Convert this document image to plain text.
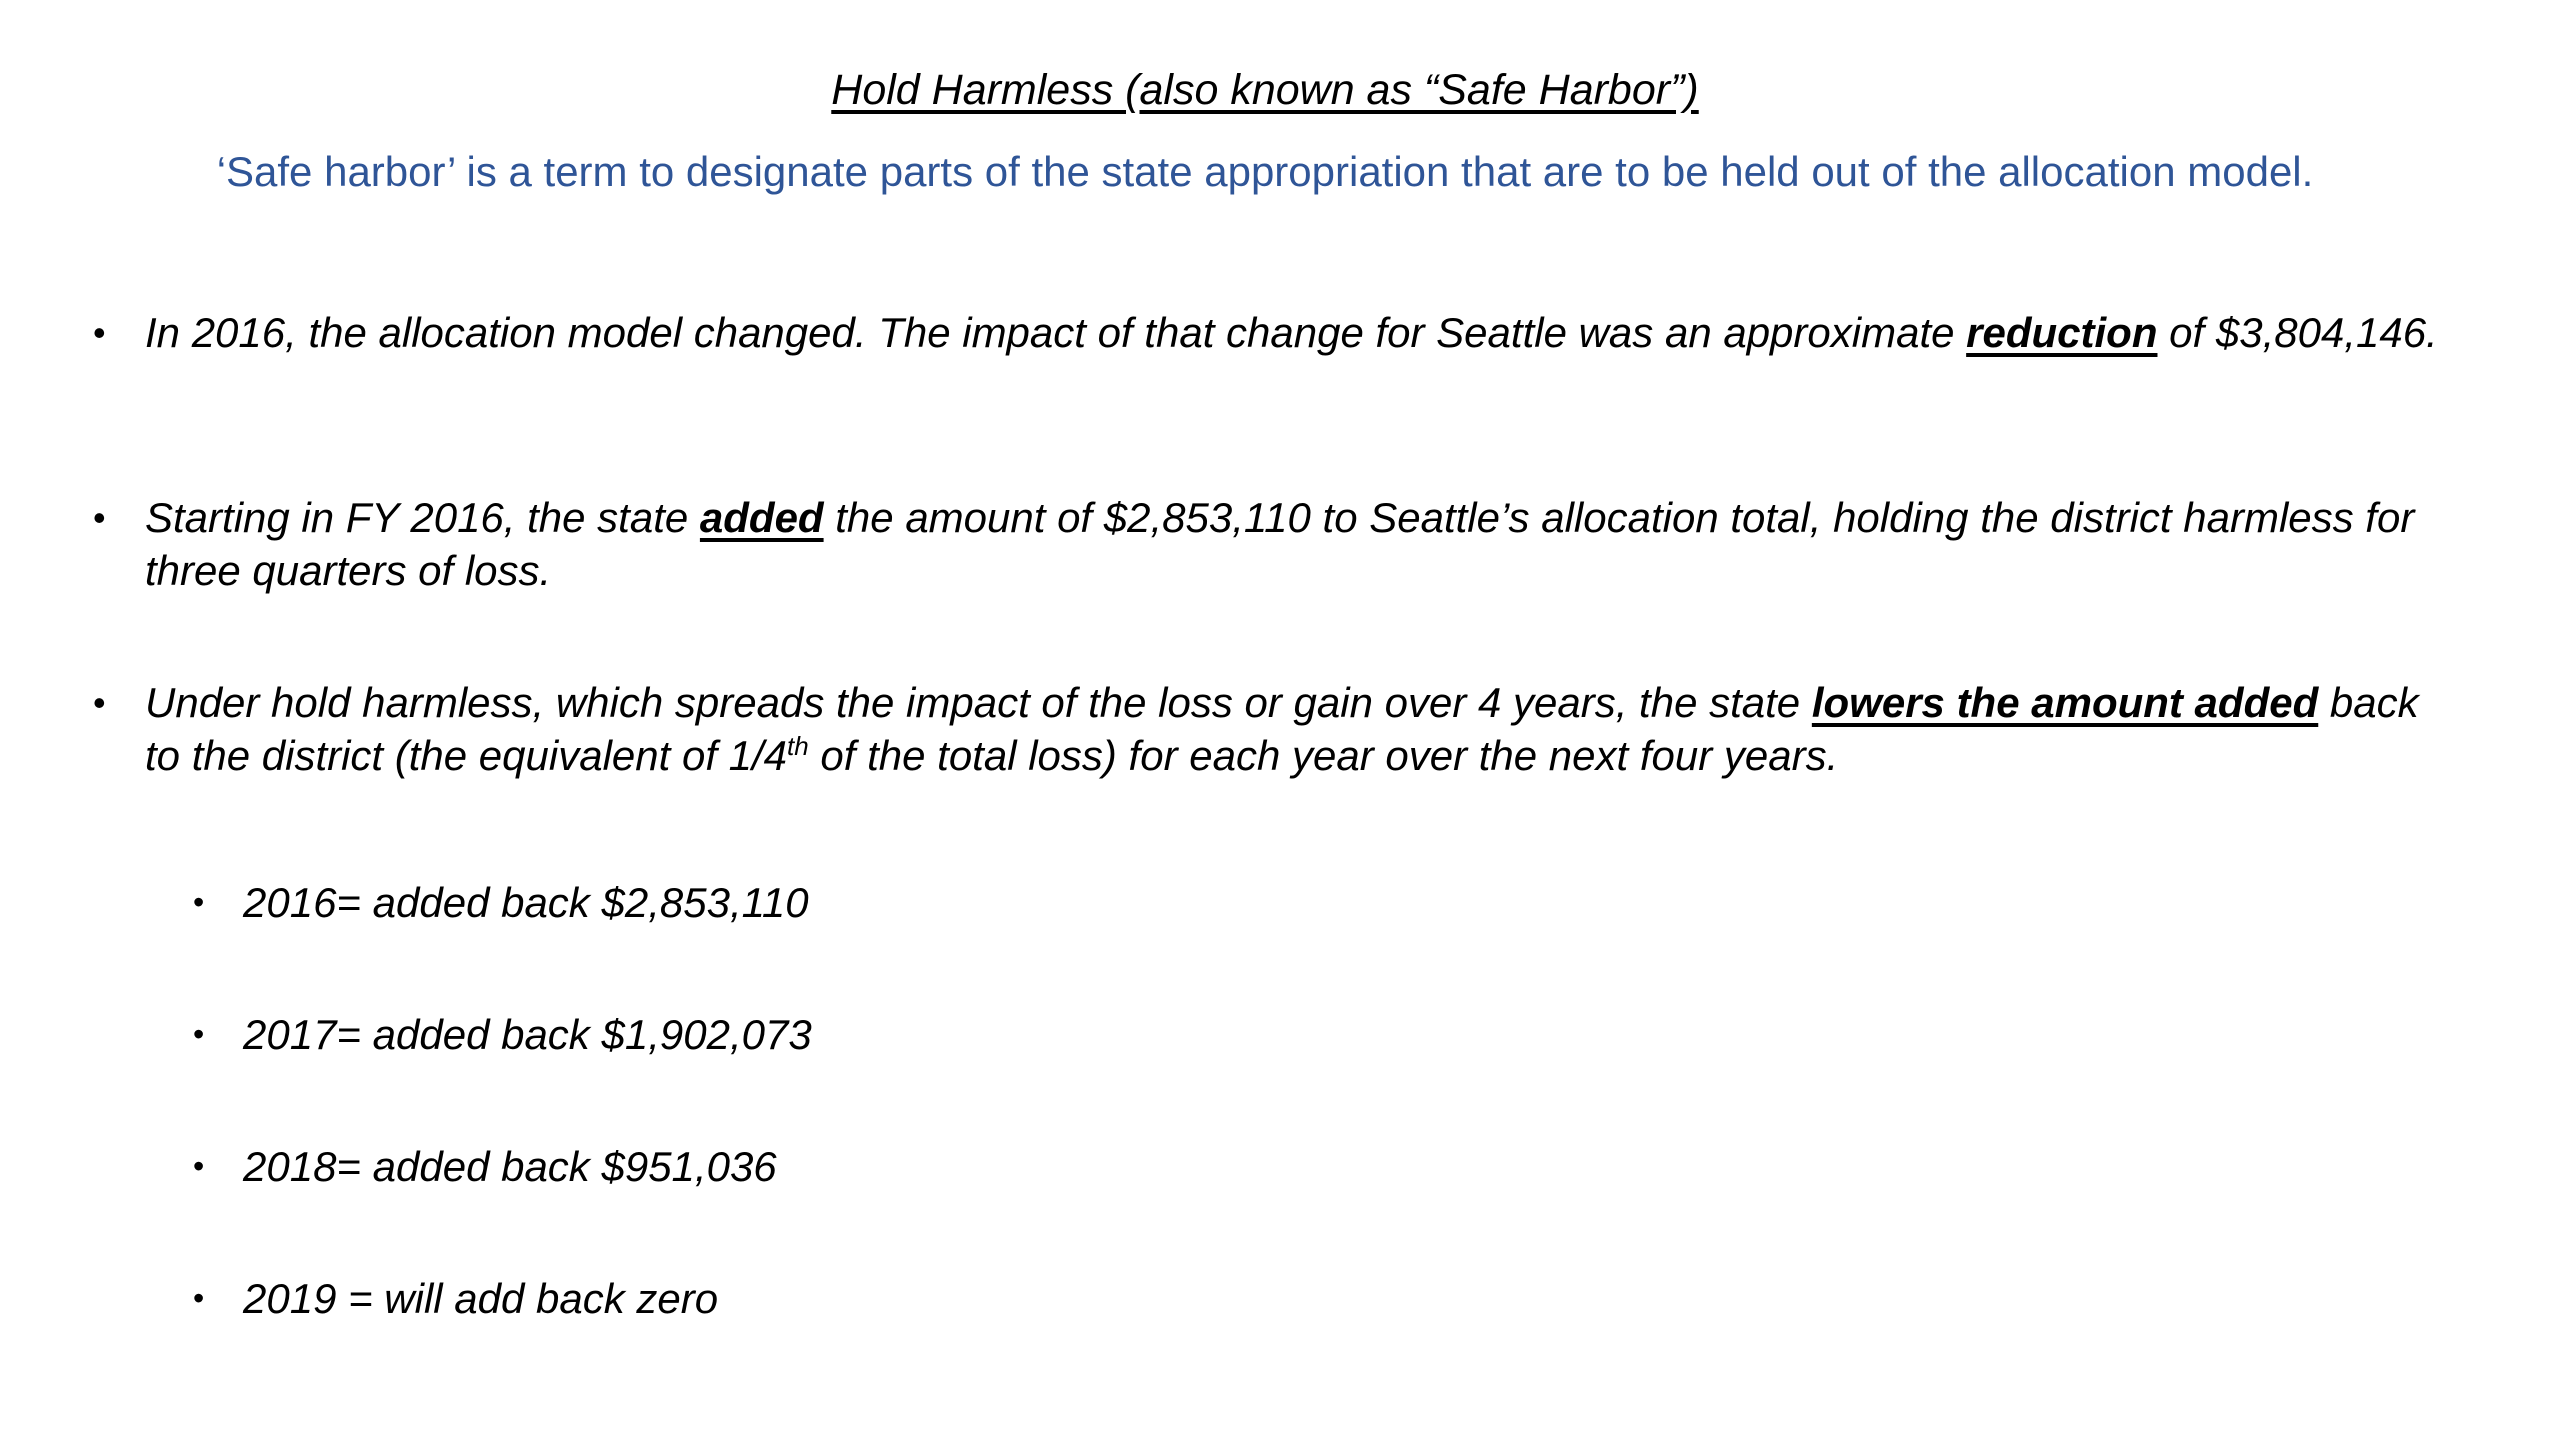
Hold Harmless (also known as “Safe Harbor”)
‘Safe harbor’ is a term to designate parts of the state appropriation that are to be held out of the allocation model.
• In 2016, the allocation model changed. The impact of that change for Seattle was an approximate reduction of $3,804,146.
• Starting in FY 2016, the state added the amount of $2,853,110 to Seattle’s allocation total, holding the district harmless for three quarters of loss.
• Under hold harmless, which spreads the impact of the loss or gain over 4 years, the state lowers the amount added back to the district (the equivalent of 1/4th of the total loss) for each year over the next four years.
• 2016= added back $2,853,110
• 2017= added back $1,902,073
• 2018= added back $951,036
• 2019 = will add back zero
